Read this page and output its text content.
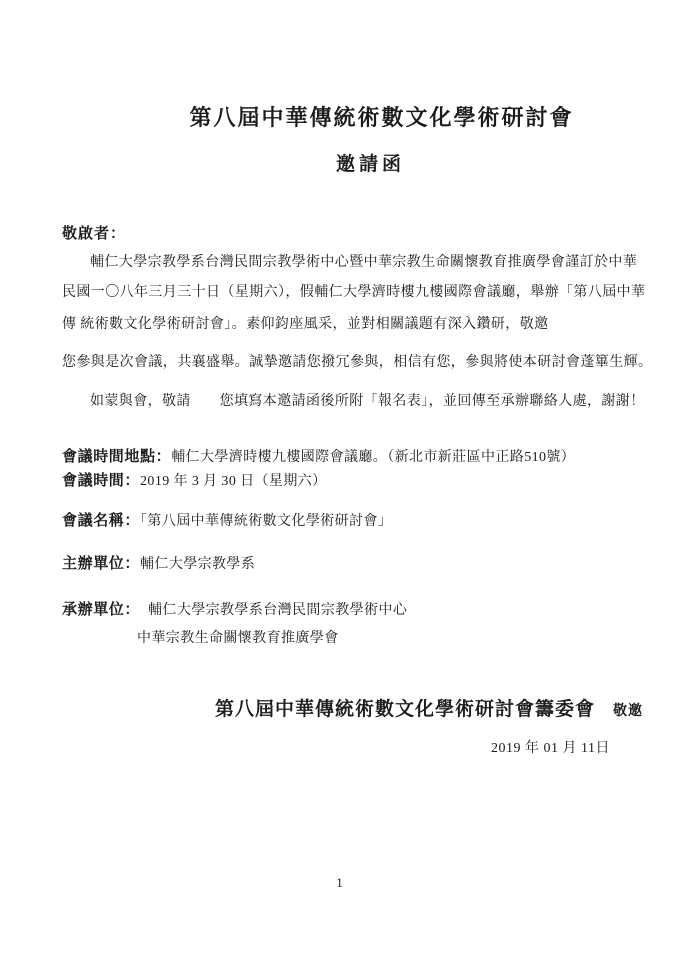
第八屆中華傳統術數文化學術研討會
邀請函
敬啟者：
輔仁大學宗教學系台灣民間宗教學術中心暨中華宗教生命關懷教育推廣學會謹訂於中華
民國一〇八年三月三十日（星期六），假輔仁大學濟時樓九樓國際會議廳，舉辦「第八屆中華
傳 統術數文化學術研討會」。素仰鈞座風采，並對相關議題有深入鑽研，敬邀
您參與是次會議，共襄盛舉。誠摯邀請您撥冗參與，相信有您，參與將使本研討會蓬篳生輝。
如蒙與會，敬請　　您填寫本邀請函後所附「報名表」，並回傳至承辦聯絡人處，謝謝！
會議時間地點：輔仁大學濟時樓九樓國際會議廳。（新北市新莊區中正路510號）
會議時間：2019 年 3 月 30 日（星期六）
會議名稱：「第八屆中華傳統術數文化學術研討會」
主辦單位：輔仁大學宗教學系
承辦單位： 輔仁大學宗教學系台灣民間宗教學術中心
中華宗教生命關懷教育推廣學會
第八屆中華傳統術數文化學術研討會籌委會 敬邀
2019 年 01 月 11日
1
